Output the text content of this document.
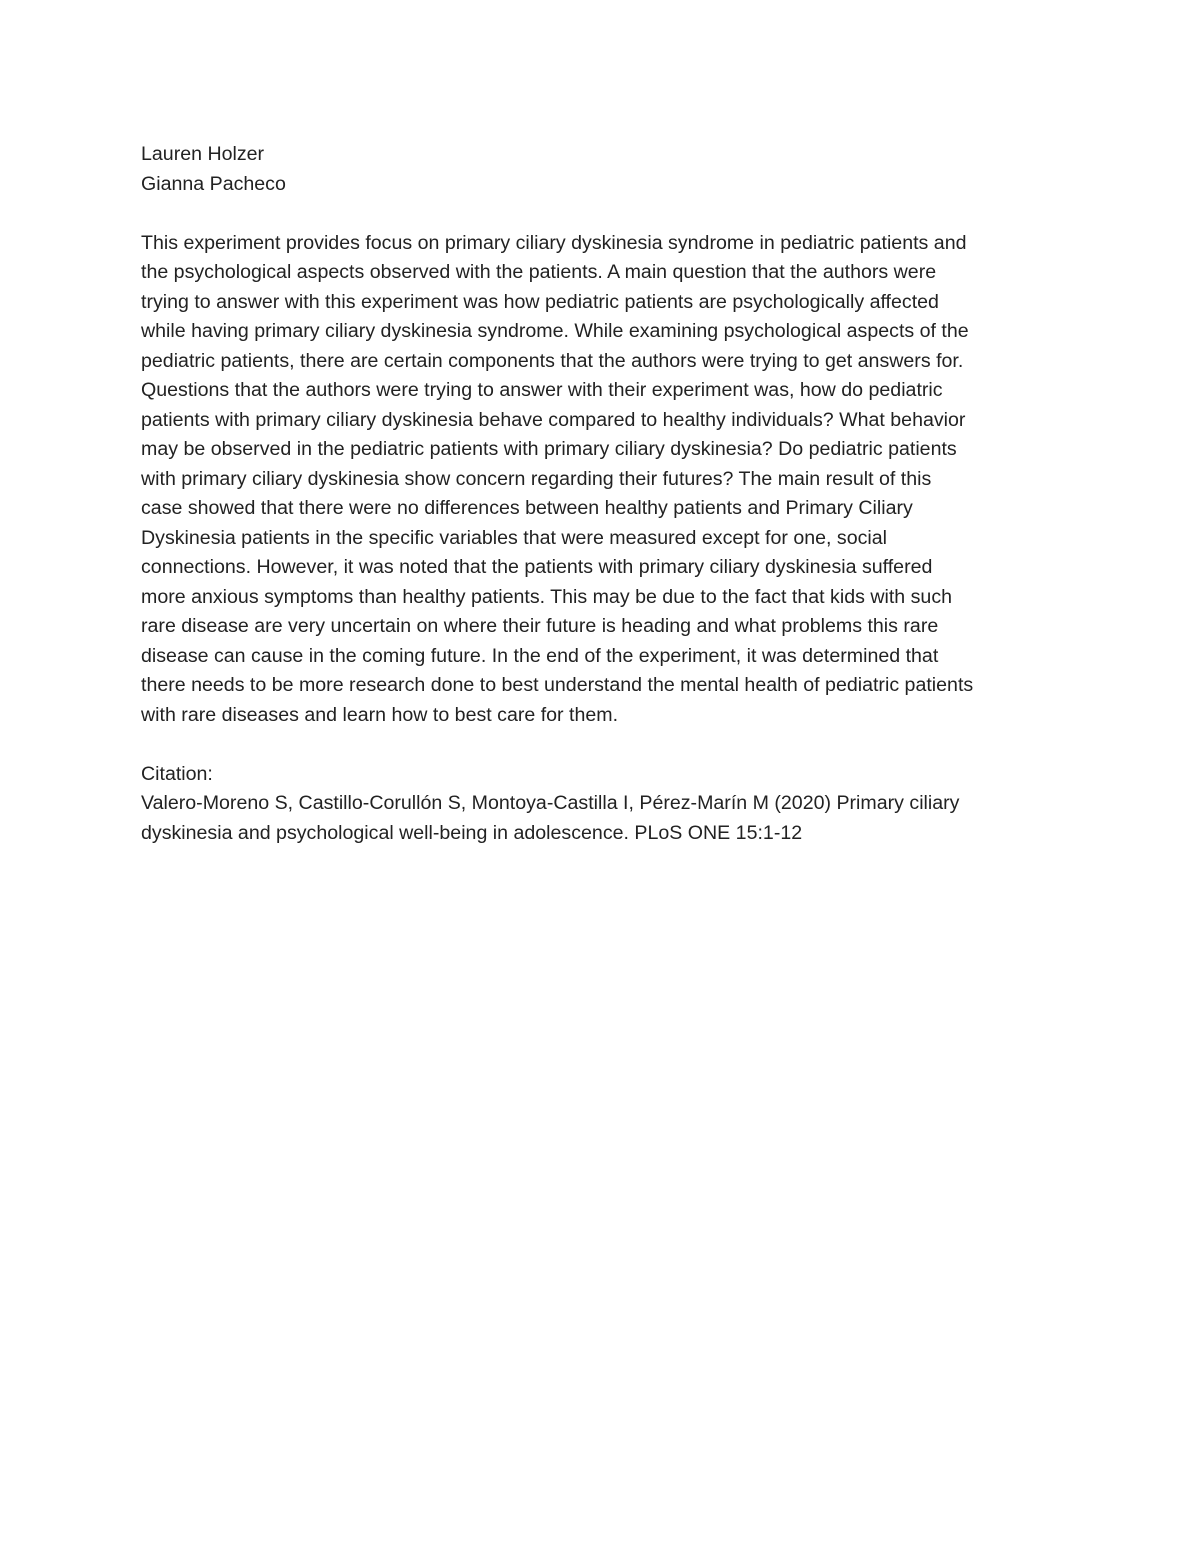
Lauren Holzer
Gianna Pacheco
This experiment provides focus on primary ciliary dyskinesia syndrome in pediatric patients and
the psychological aspects observed with the patients. A main question that the authors were
trying to answer with this experiment was how pediatric patients are psychologically affected
while having primary ciliary dyskinesia syndrome. While examining psychological aspects of the
pediatric patients, there are certain components that the authors were trying to get answers for.
Questions that the authors were trying to answer with their experiment was, how do pediatric
patients with primary ciliary dyskinesia behave compared to healthy individuals? What behavior
may be observed in the pediatric patients with primary ciliary dyskinesia? Do pediatric patients
with primary ciliary dyskinesia show concern regarding their futures? The main result of this
case showed that there were no differences between healthy patients and Primary Ciliary
Dyskinesia patients in the specific variables that were measured except for one, social
connections. However, it was noted that the patients with primary ciliary dyskinesia suffered
more anxious symptoms than healthy patients. This may be due to the fact that kids with such
rare disease are very uncertain on where their future is heading and what problems this rare
disease can cause in the coming future. In the end of the experiment, it was determined that
there needs to be more research done to best understand the mental health of pediatric patients
with rare diseases and learn how to best care for them.
Citation:
Valero-Moreno S, Castillo-Corullón S, Montoya-Castilla I, Pérez-Marín M (2020) Primary ciliary
dyskinesia and psychological well-being in adolescence. PLoS ONE 15:1-12
